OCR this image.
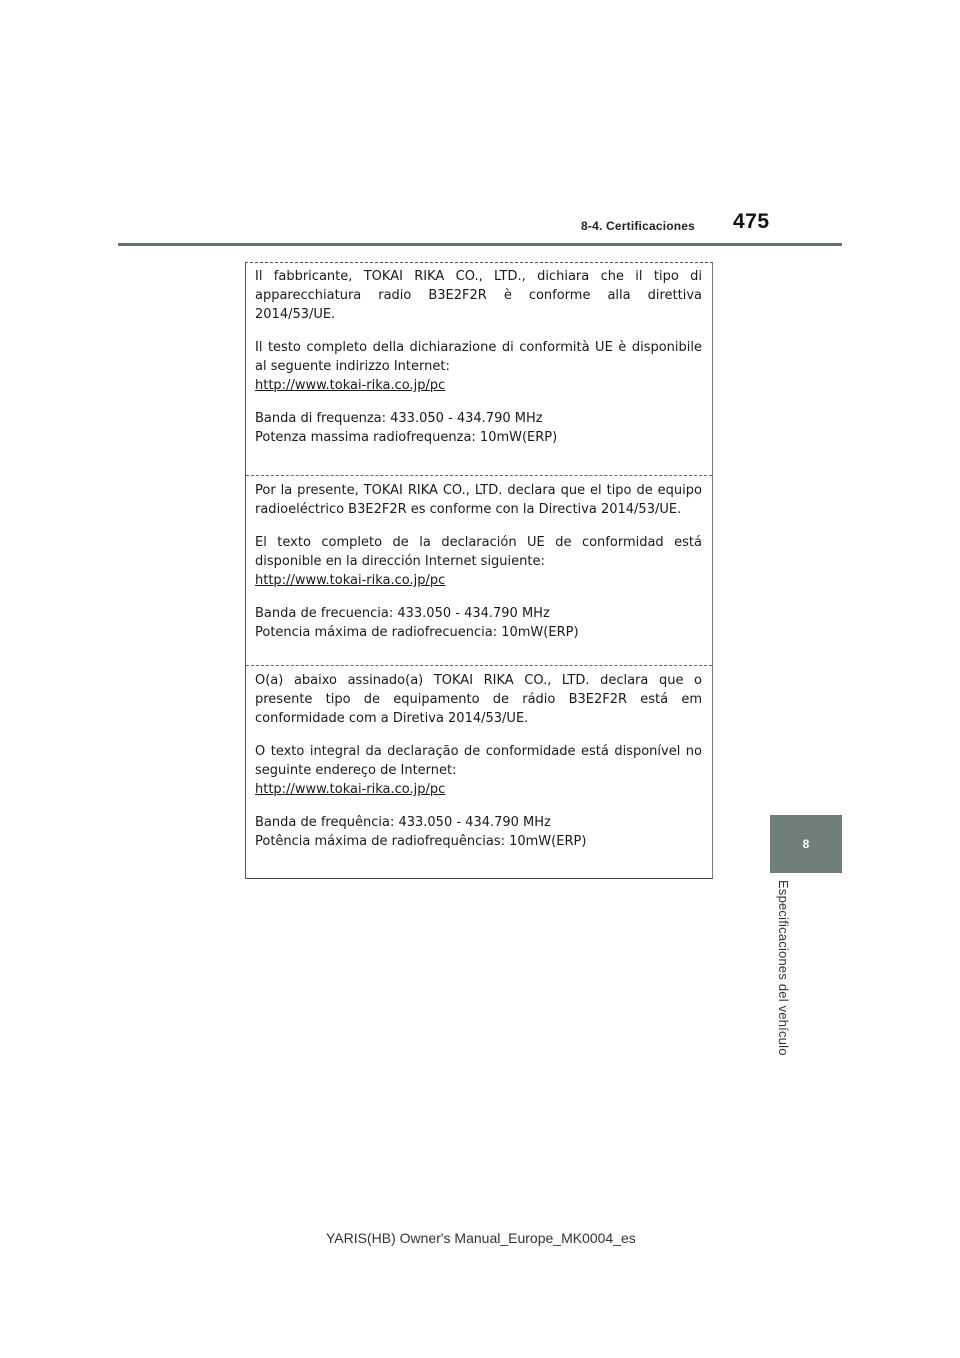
8-4. Certificaciones 475
8
Especificaciones del vehículo

Il fabbricante, TOKAI RIKA CO., LTD., dichiara che il tipo di apparecchiatura radio B3E2F2R è conforme alla direttiva 2014/53/UE.

Il testo completo della dichiarazione di conformità UE è disponibile al seguente indirizzo Internet:
http://www.tokai-rika.co.jp/pc

Banda di frequenza: 433.050 - 434.790 MHz
Potenza massima radiofrequenza: 10mW(ERP)

Por la presente, TOKAI RIKA CO., LTD. declara que el tipo de equipo radioeléctrico B3E2F2R es conforme con la Directiva 2014/53/UE.

El texto completo de la declaración UE de conformidad está disponible en la dirección Internet siguiente:
http://www.tokai-rika.co.jp/pc

Banda de frecuencia: 433.050 - 434.790 MHz
Potencia máxima de radiofrecuencia: 10mW(ERP)

O(a) abaixo assinado(a) TOKAI RIKA CO., LTD. declara que o presente tipo de equipamento de rádio B3E2F2R está em conformidade com a Diretiva 2014/53/UE.

O texto integral da declaração de conformidade está disponível no seguinte endereço de Internet:
http://www.tokai-rika.co.jp/pc

Banda de frequência: 433.050 - 434.790 MHz
Potência máxima de radiofrequências: 10mW(ERP)

YARIS(HB) Owner's Manual_Europe_MK0004_es
